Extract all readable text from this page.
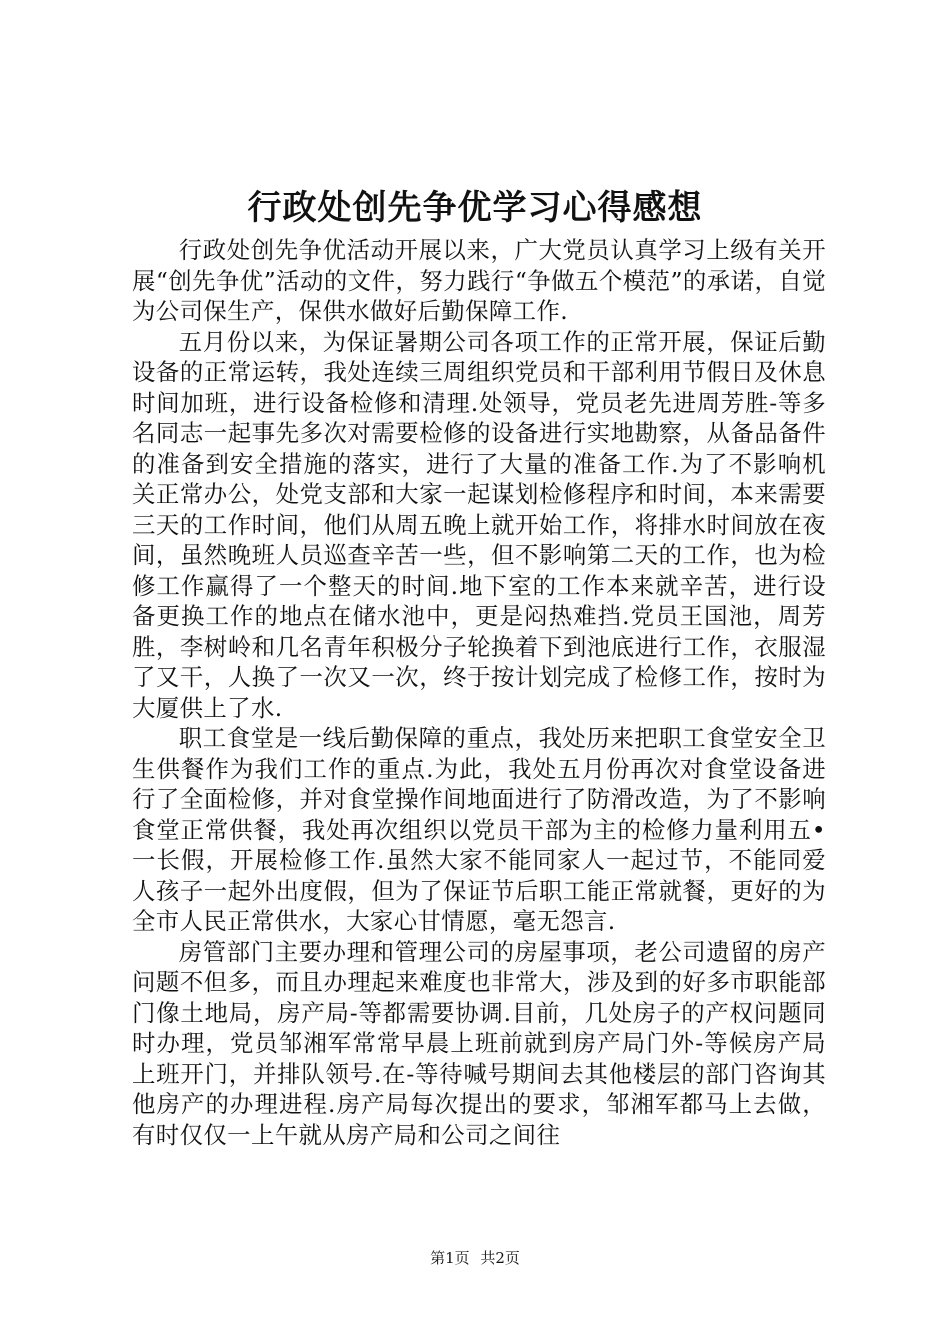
行政处创先争优学习心得感想

行政处创先争优活动开展以来，广大党员认真学习上级有关开展“创先争优”活动的文件，努力践行“争做五个模范”的承诺，自觉为公司保生产，保供水做好后勤保障工作.

五月份以来，为保证暑期公司各项工作的正常开展，保证后勤设备的正常运转，我处连续三周组织党员和干部利用节假日及休息时间加班，进行设备检修和清理.处领导，党员老先进周芳胜-等多名同志一起事先多次对需要检修的设备进行实地勘察，从备品备件的准备到安全措施的落实，进行了大量的准备工作.为了不影响机关正常办公，处党支部和大家一起谋划检修程序和时间，本来需要三天的工作时间，他们从周五晚上就开始工作，将排水时间放在夜间，虽然晚班人员巡查辛苦一些，但不影响第二天的工作，也为检修工作赢得了一个整天的时间.地下室的工作本来就辛苦，进行设备更换工作的地点在储水池中，更是闷热难挡.党员王国池，周芳胜，李树岭和几名青年积极分子轮换着下到池底进行工作，衣服湿了又干，人换了一次又一次，终于按计划完成了检修工作，按时为大厦供上了水.

职工食堂是一线后勤保障的重点，我处历来把职工食堂安全卫生供餐作为我们工作的重点.为此，我处五月份再次对食堂设备进行了全面检修，并对食堂操作间地面进行了防滑改造，为了不影响食堂正常供餐，我处再次组织以党员干部为主的检修力量利用五•一长假，开展检修工作.虽然大家不能同家人一起过节，不能同爱人孩子一起外出度假，但为了保证节后职工能正常就餐，更好的为全市人民正常供水，大家心甘情愿，毫无怨言.

房管部门主要办理和管理公司的房屋事项，老公司遗留的房产问题不但多，而且办理起来难度也非常大，涉及到的好多市职能部门像土地局，房产局-等都需要协调.目前，几处房子的产权问题同时办理，党员邹湘军常常早晨上班前就到房产局门外-等候房产局上班开门，并排队领号.在-等待喊号期间去其他楼层的部门咨询其他房产的办理进程.房产局每次提出的要求，邹湘军都马上去做，有时仅仅一上午就从房产局和公司之间往

第1页 共2页
